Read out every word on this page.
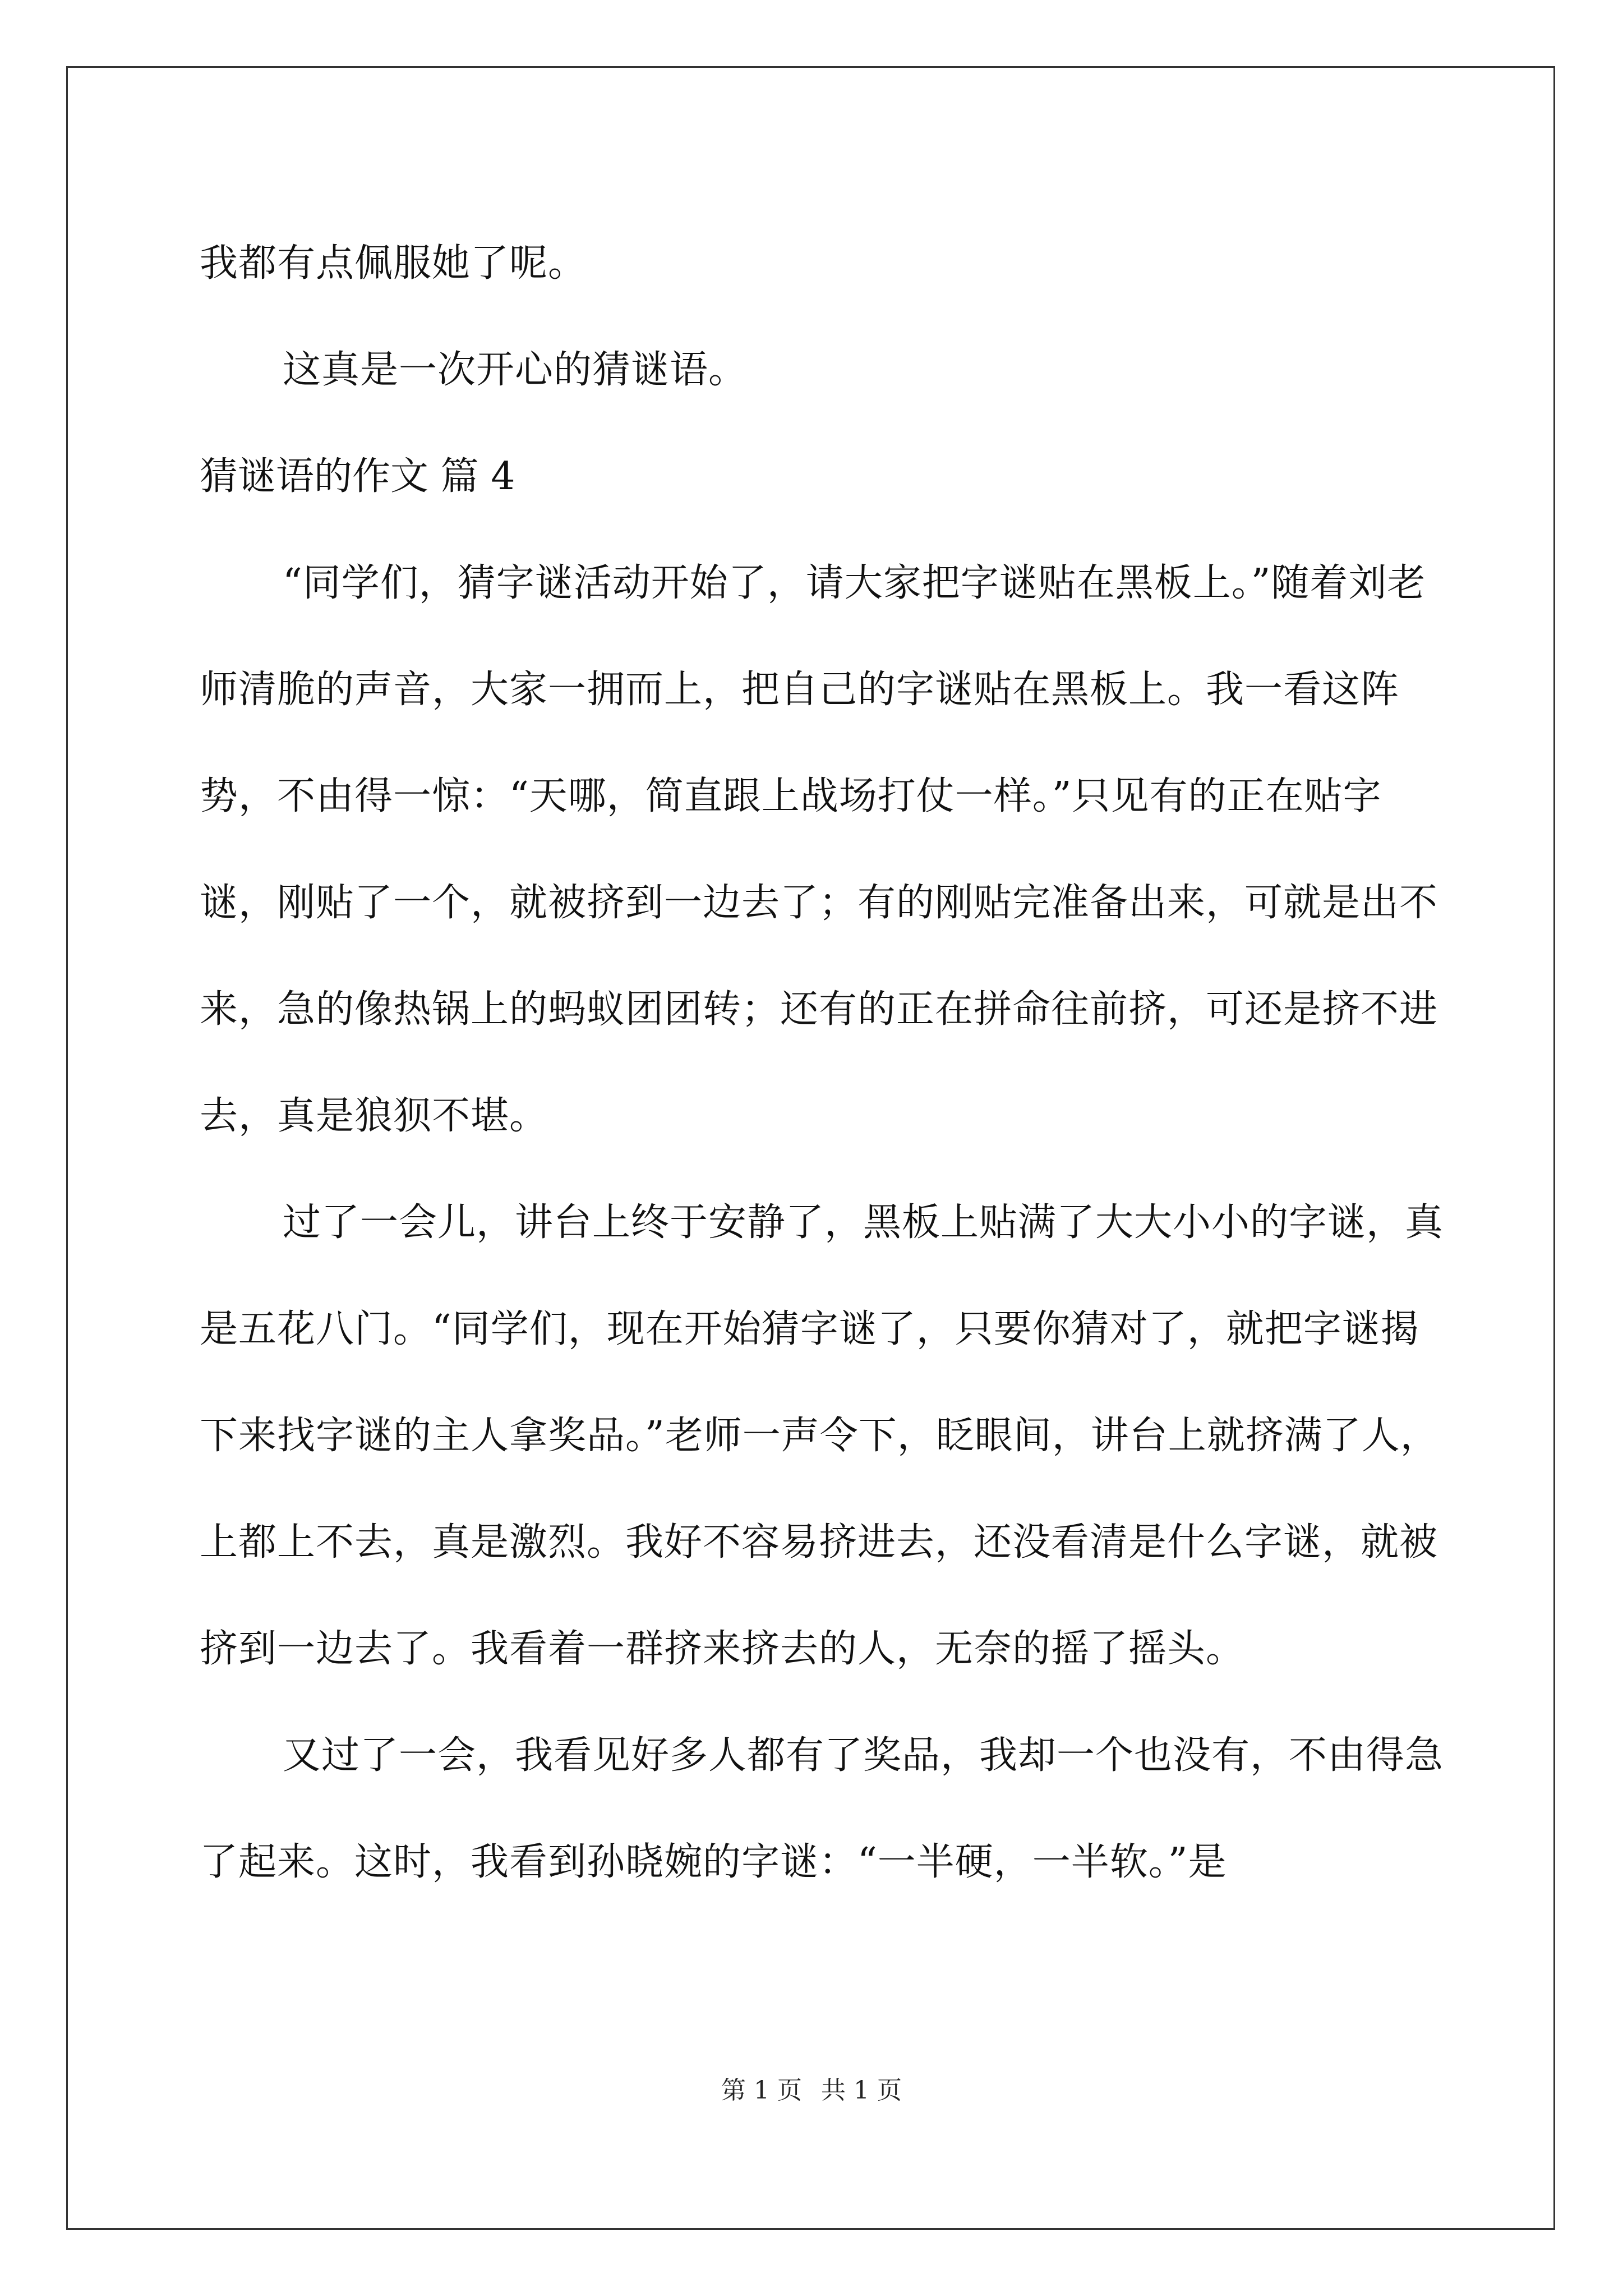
我都有点佩服她了呢。

这真是一次开心的猜谜语。

猜谜语的作文 篇 4

“同学们，猜字谜活动开始了，请大家把字谜贴在黑板上。”随着刘老师清脆的声音，大家一拥而上，把自己的字谜贴在黑板上。我一看这阵势，不由得一惊：“天哪，简直跟上战场打仗一样。”只见有的正在贴字谜，刚贴了一个，就被挤到一边去了；有的刚贴完准备出来，可就是出不来，急的像热锅上的蚂蚁团团转；还有的正在拼命往前挤，可还是挤不进去，真是狼狈不堪。

过了一会儿，讲台上终于安静了，黑板上贴满了大大小小的字谜，真是五花八门。“同学们，现在开始猜字谜了，只要你猜对了，就把字谜揭下来找字谜的主人拿奖品。”老师一声令下，眨眼间，讲台上就挤满了人，上都上不去，真是激烈。我好不容易挤进去，还没看清是什么字谜，就被挤到一边去了。我看着一群挤来挤去的人，无奈的摇了摇头。

又过了一会，我看见好多人都有了奖品，我却一个也没有，不由得急了起来。这时，我看到孙晓婉的字谜：“一半硬，一半软。”是

第 1 页 共 1 页
